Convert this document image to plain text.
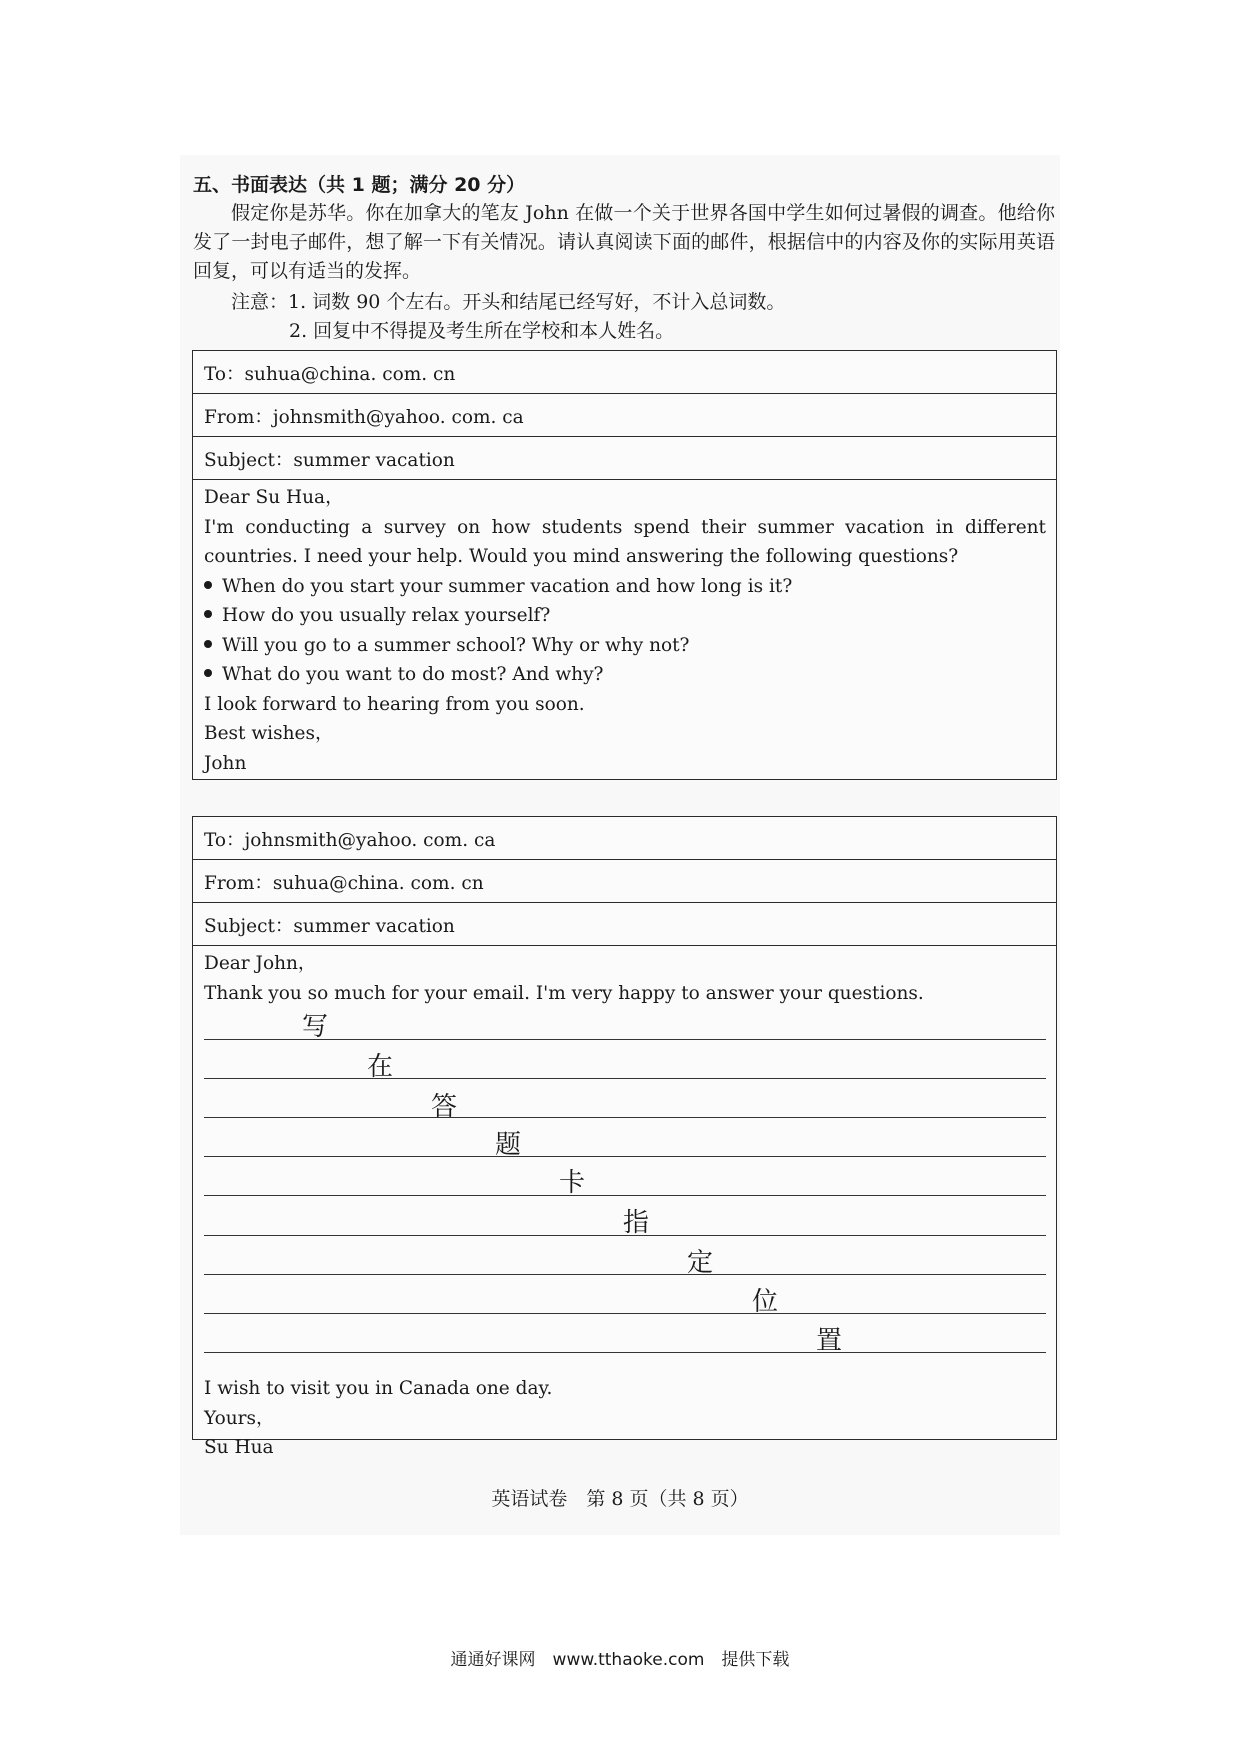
五、书面表达（共 1 题；满分 20 分）
假定你是苏华。你在加拿大的笔友 John 在做一个关于世界各国中学生如何过暑假的调查。他给你发了一封电子邮件，想了解一下有关情况。请认真阅读下面的邮件，根据信中的内容及你的实际用英语回复，可以有适当的发挥。
注意：1. 词数 90 个左右。开头和结尾已经写好，不计入总词数。
2. 回复中不得提及考生所在学校和本人姓名。
To：suhua@china. com. cn
From：johnsmith@yahoo. com. ca
Subject：summer vacation
Dear Su Hua，
I'm conducting a survey on how students spend their summer vacation in different
countries. I need your help. Would you mind answering the following questions?
When do you start your summer vacation and how long is it?
How do you usually relax yourself?
Will you go to a summer school? Why or why not?
What do you want to do most? And why?
I look forward to hearing from you soon.
Best wishes，
John
To：johnsmith@yahoo. com. ca
From：suhua@china. com. cn
Subject：summer vacation
Dear John，
Thank you so much for your email. I'm very happy to answer your questions.
写
在
答
题
卡
指
定
位
置
I wish to visit you in Canada one day.
Yours，
Su Hua
英语试卷　第 8 页（共 8 页）
通通好课网　www.tthaoke.com　提供下载
